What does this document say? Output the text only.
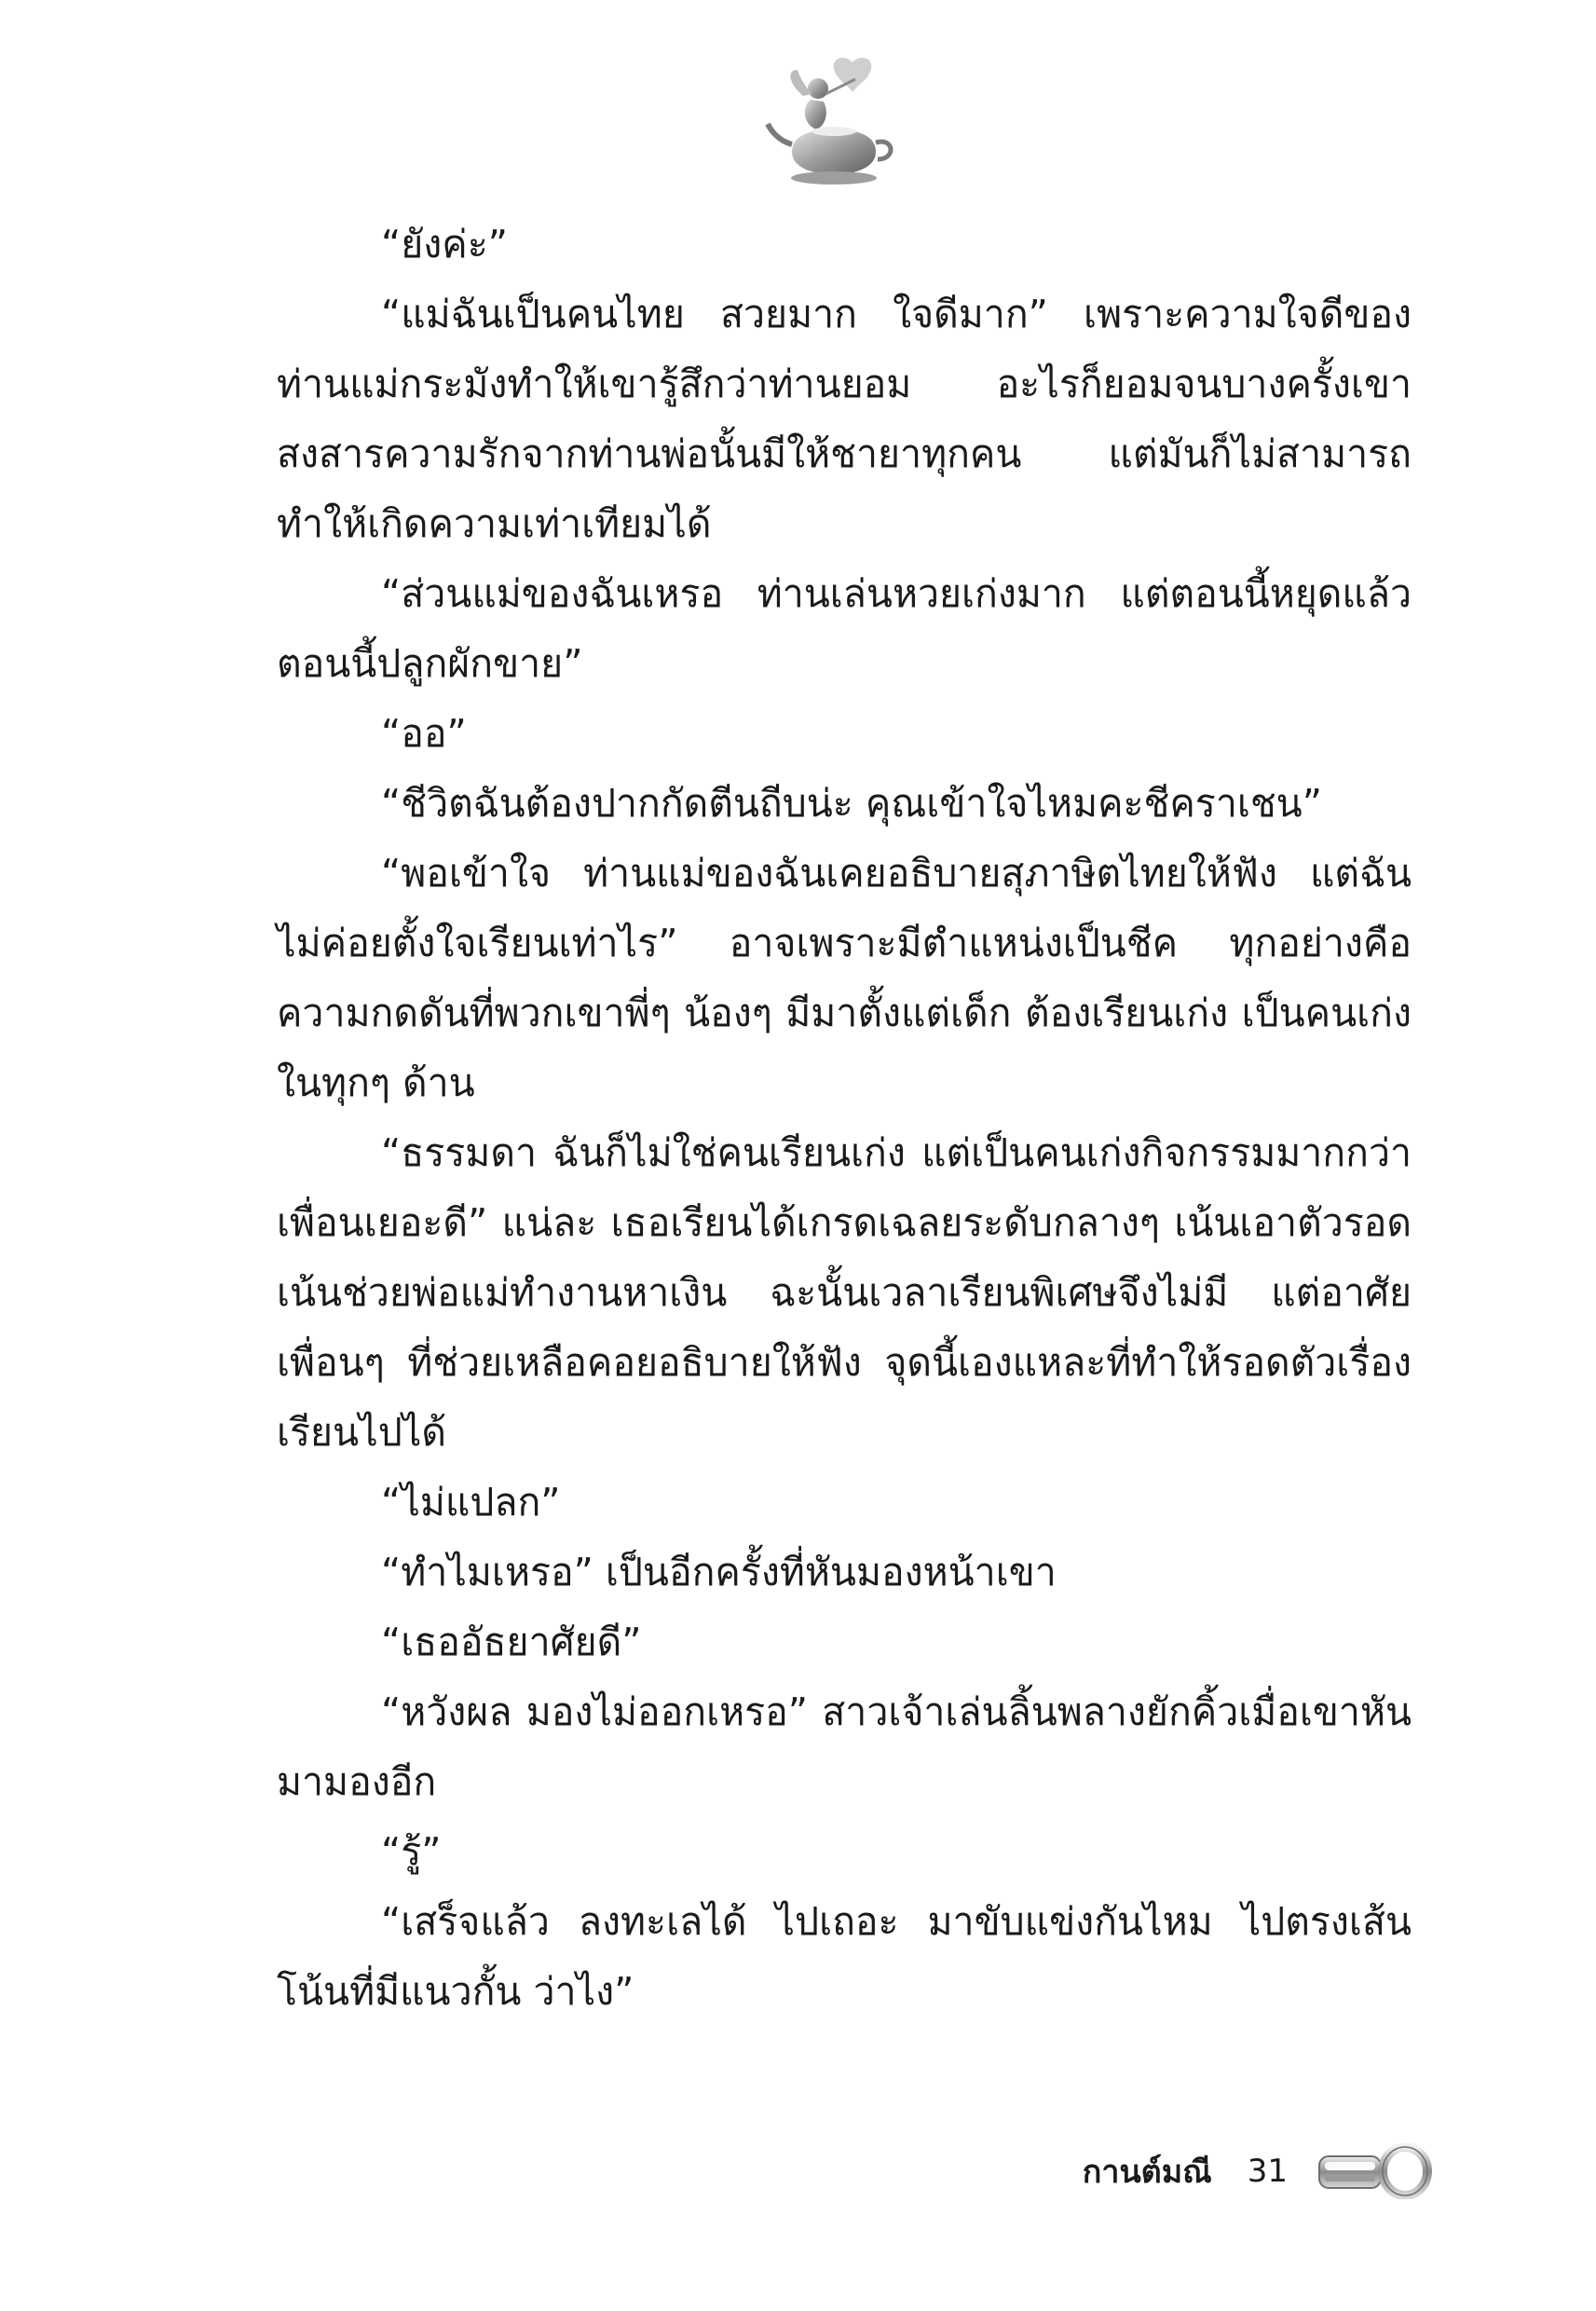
“ยังค่ะ”

“แม่ฉันเป็นคนไทย สวยมาก ใจดีมาก” เพราะความใจดีของท่านแม่กระมังทำให้เขารู้สึกว่าท่านยอม อะไรก็ยอมจนบางครั้งเขาสงสารความรักจากท่านพ่อนั้นมีให้ชายาทุกคน แต่มันก็ไม่สามารถทำให้เกิดความเท่าเทียมได้

“ส่วนแม่ของฉันเหรอ ท่านเล่นหวยเก่งมาก แต่ตอนนี้หยุดแล้ว ตอนนี้ปลูกผักขาย”

“ออ”

“ชีวิตฉันต้องปากกัดตีนถีบน่ะ คุณเข้าใจไหมคะชีคราเชน”

“พอเข้าใจ ท่านแม่ของฉันเคยอธิบายสุภาษิตไทยให้ฟัง แต่ฉันไม่ค่อยตั้งใจเรียนเท่าไร” อาจเพราะมีตำแหน่งเป็นชีค ทุกอย่างคือความกดดันที่พวกเขาพี่ๆ น้องๆ มีมาตั้งแต่เด็ก ต้องเรียนเก่ง เป็นคนเก่งในทุกๆ ด้าน

“ธรรมดา ฉันก็ไม่ใช่คนเรียนเก่ง แต่เป็นคนเก่งกิจกรรมมากกว่าเพื่อนเยอะดี” แน่ละ เธอเรียนได้เกรดเฉลยระดับกลางๆ เน้นเอาตัวรอด เน้นช่วยพ่อแม่ทำงานหาเงิน ฉะนั้นเวลาเรียนพิเศษจึงไม่มี แต่อาศัยเพื่อนๆ ที่ช่วยเหลือคอยอธิบายให้ฟัง จุดนี้เองแหละที่ทำให้รอดตัวเรื่องเรียนไปได้

“ไม่แปลก”

“ทำไมเหรอ” เป็นอีกครั้งที่หันมองหน้าเขา

“เธออัธยาศัยดี”

“หวังผล มองไม่ออกเหรอ” สาวเจ้าเล่นลิ้นพลางยักคิ้วเมื่อเขาหันมามองอีก

“รู้”

“เสร็จแล้ว ลงทะเลได้ ไปเถอะ มาขับแข่งกันไหม ไปตรงเส้นโน้นที่มีแนวกั้น ว่าไง”

กานต์มณี 31
